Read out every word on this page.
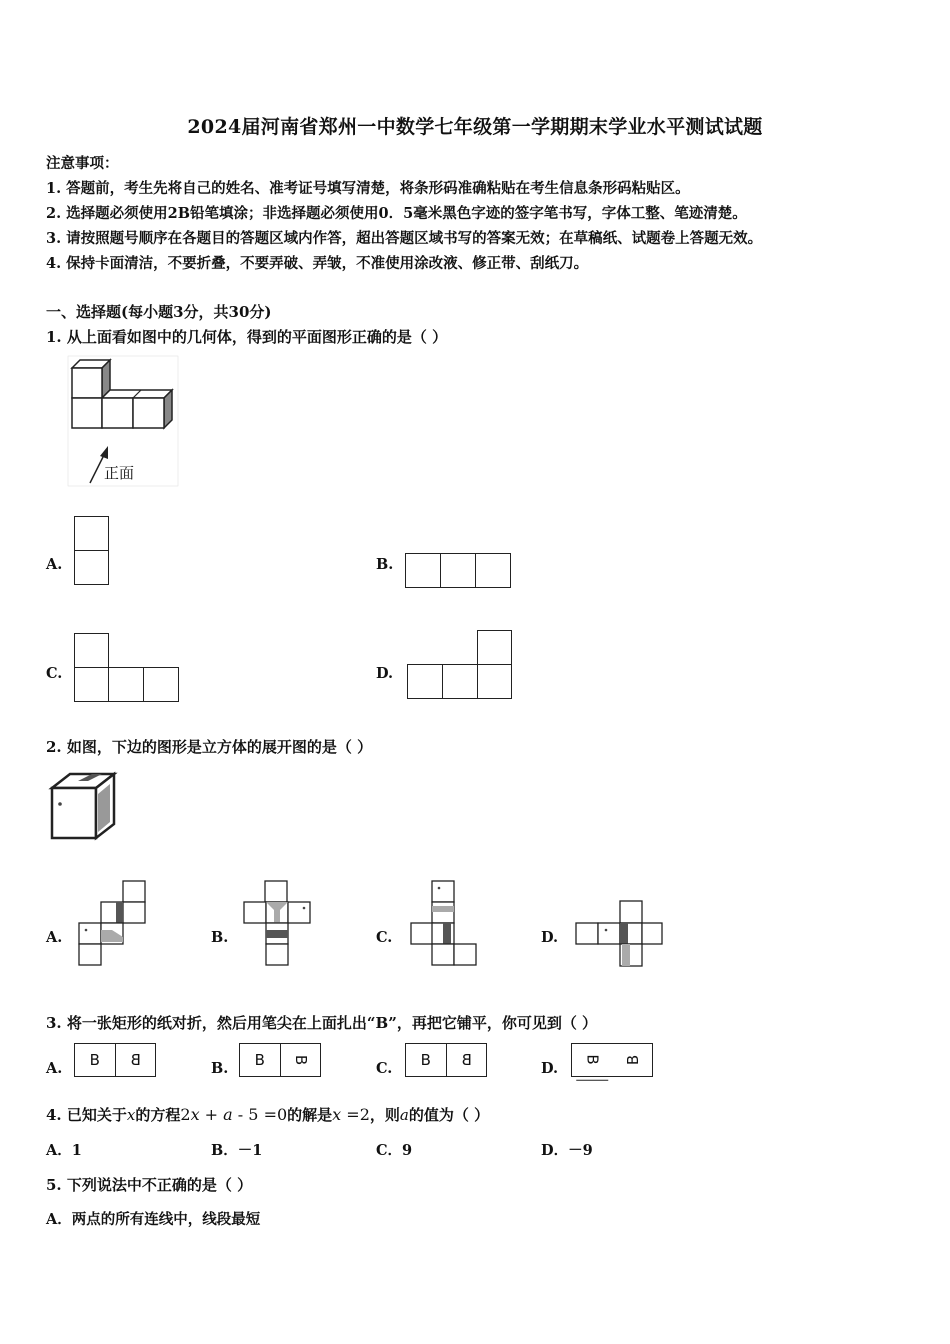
2024届河南省郑州一中数学七年级第一学期期末学业水平测试试题
注意事项：
1. 答题前，考生先将自己的姓名、准考证号填写清楚，将条形码准确粘贴在考生信息条形码粘贴区。
2. 选择题必须使用2B铅笔填涂；非选择题必须使用0．5毫米黑色字迹的签字笔书写，字体工整、笔迹清楚。
3. 请按照题号顺序在各题目的答题区域内作答，超出答题区域书写的答案无效；在草稿纸、试题卷上答题无效。
4. 保持卡面清洁，不要折叠，不要弄破、弄皱，不准使用涂改液、修正带、刮纸刀。
一、选择题(每小题3分，共30分)
1. 从上面看如图中的几何体，得到的平面图形正确的是（ ）
正面
A.	B.
C.	D.
2. 如图，下边的图形是立方体的展开图的是（ ）
A.	B.	C.	D.
3. 将一张矩形的纸对折，然后用笔尖在上面扎出“B”，再把它铺平，你可见到（ ）
A.	B	B	B.	B	B
C.	B	B	D.
B	B
4. 已知关于x的方程2x + a - 5 =0的解是x =2，则a的值为（ ）
A．1	B．－1	C．9	D．－9
5. 下列说法中不正确的是（ ）
A．两点的所有连线中，线段最短
